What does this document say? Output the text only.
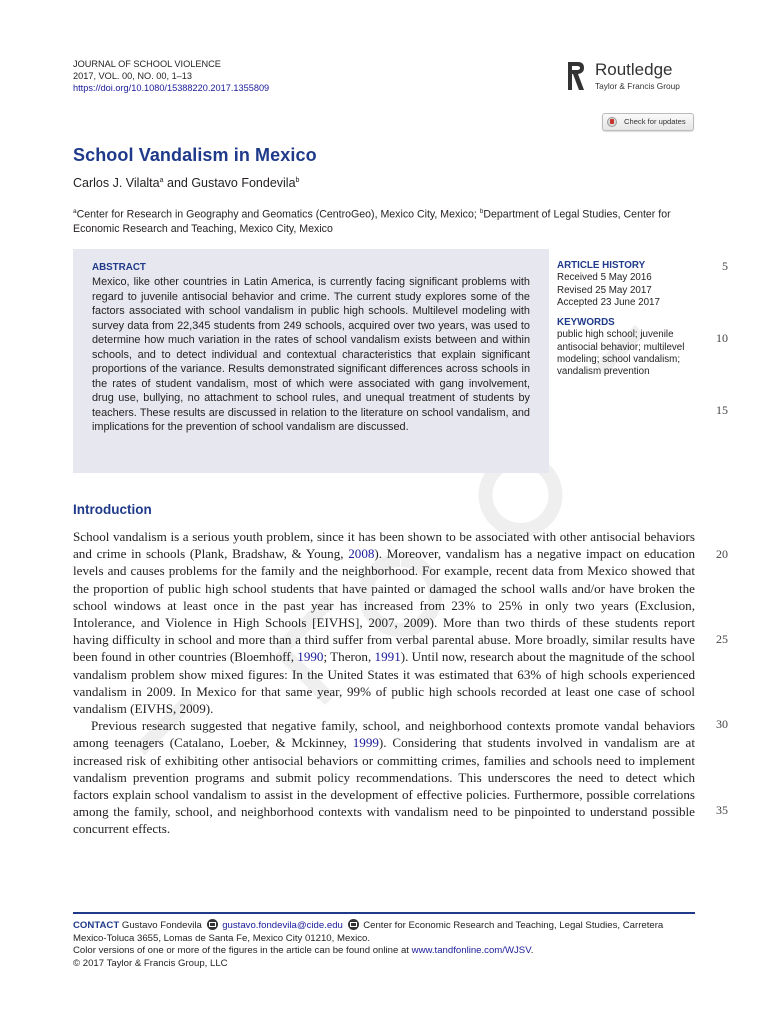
JOURNAL OF SCHOOL VIOLENCE
2017, VOL. 00, NO. 00, 1–13
https://doi.org/10.1080/15388220.2017.1355809
Routledge
Taylor & Francis Group
Check for updates
School Vandalism in Mexico
Carlos J. Vilalta$^a$ and Gustavo Fondevila$^b$
$^a$Center for Research in Geography and Geomatics (CentroGeo), Mexico City, Mexico; $^b$Department of Legal Studies, Center for Economic Research and Teaching, Mexico City, Mexico
ABSTRACT
Mexico, like other countries in Latin America, is currently facing significant problems with regard to juvenile antisocial behavior and crime. The current study explores some of the factors associated with school vandalism in public high schools. Multilevel modeling with survey data from 22,345 students from 249 schools, acquired over two years, was used to determine how much variation in the rates of school vandalism exists between and within schools, and to detect individual and contextual characteristics that explain significant proportions of the variance. Results demonstrated significant differences across schools in the rates of student vandalism, most of which were associated with gang involvement, drug use, bullying, no attachment to school rules, and unequal treatment of students by teachers. These results are discussed in relation to the literature on school vandalism, and implications for the prevention of school vandalism are discussed.
ARTICLE HISTORY
Received 5 May 2016
Revised 25 May 2017
Accepted 23 June 2017
KEYWORDS
public high school; juvenile antisocial behavior; multilevel modeling; school vandalism; vandalism prevention
5
10
15
20
25
30
35
Introduction

School vandalism is a serious youth problem, since it has been shown to be associated with other antisocial behaviors and crime in schools (Plank, Bradshaw, & Young, 2008). Moreover, vandalism has a negative impact on education levels and causes problems for the family and the neighborhood. For example, recent data from Mexico showed that the proportion of public high school students that have painted or damaged the school walls and/or have broken the school windows at least once in the past year has increased from 23% to 25% in only two years (Exclusion, Intolerance, and Violence in High Schools [EIVHS], 2007, 2009). More than two thirds of these students report having difficulty in school and more than a third suffer from verbal parental abuse. More broadly, similar results have been found in other countries (Bloemhoff, 1990; Theron, 1991). Until now, research about the magnitude of the school vandalism problem show mixed figures: In the United States it was estimated that 63% of high schools experienced vandalism in 2009. In Mexico for that same year, 99% of public high schools recorded at least one case of school vandalism (EIVHS, 2009).

Previous research suggested that negative family, school, and neighborhood contexts promote vandal behaviors among teenagers (Catalano, Loeber, & Mckinney, 1999). Considering that students involved in vandalism are at increased risk of exhibiting other antisocial behaviors or committing crimes, families and schools need to implement vandalism prevention programs and submit policy recommendations. This underscores the need to detect which factors explain school vandalism to assist in the development of effective policies. Furthermore, possible correlations among the family, school, and neighborhood contexts with vandalism need to be pinpointed to understand possible concurrent effects.

CONTACT Gustavo Fondevila  gustavo.fondevila@cide.edu  Center for Economic Research and Teaching, Legal Studies, Carretera Mexico-Toluca 3655, Lomas de Santa Fe, Mexico City 01210, Mexico.
Color versions of one or more of the figures in the article can be found online at www.tandfonline.com/WJSV.
© 2017 Taylor & Francis Group, LLC
